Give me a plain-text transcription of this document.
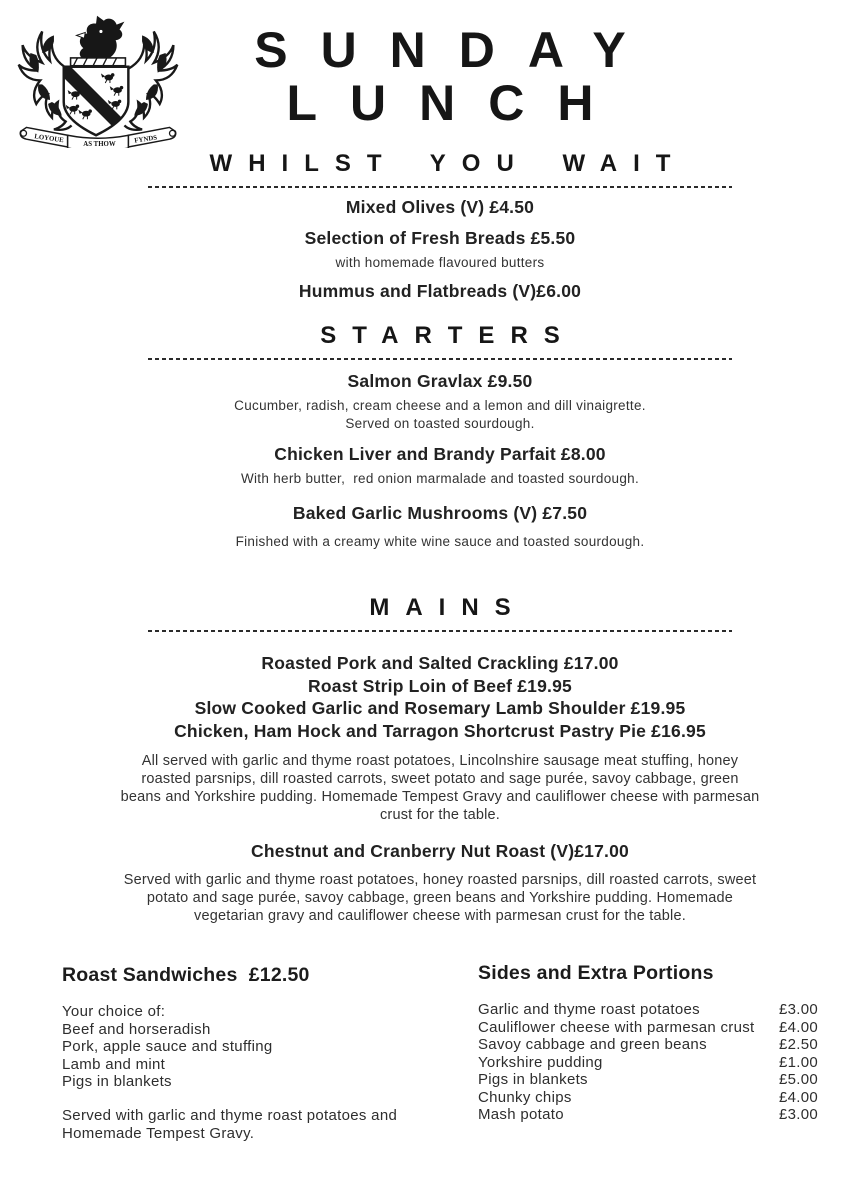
LOYOUE
AS THOW	FYNDS
SUNDAY
LUNCH
WHILST YOU WAIT
Mixed Olives (V) £4.50
Selection of Fresh Breads £5.50
with homemade flavoured butters
Hummus and Flatbreads (V)£6.00
STARTERS
Salmon Gravlax £9.50
Cucumber, radish, cream cheese and a lemon and dill vinaigrette. Served on toasted sourdough.
Chicken Liver and Brandy Parfait £8.00
With herb butter,  red onion marmalade and toasted sourdough.
Baked Garlic Mushrooms (V) £7.50
Finished with a creamy white wine sauce and toasted sourdough.
MAINS
Roasted Pork and Salted Crackling £17.00
Roast Strip Loin of Beef £19.95
Slow Cooked Garlic and Rosemary Lamb Shoulder £19.95
Chicken, Ham Hock and Tarragon Shortcrust Pastry Pie £16.95

All served with garlic and thyme roast potatoes, Lincolnshire sausage meat stuffing, honey roasted parsnips, dill roasted carrots, sweet potato and sage purée, savoy cabbage, green beans and Yorkshire pudding. Homemade Tempest Gravy and cauliflower cheese with parmesan crust for the table.

Chestnut and Cranberry Nut Roast (V)£17.00

Served with garlic and thyme roast potatoes, honey roasted parsnips, dill roasted carrots, sweet potato and sage purée, savoy cabbage, green beans and Yorkshire pudding. Homemade vegetarian gravy and cauliflower cheese with parmesan crust for the table.

Roast Sandwiches  £12.50
Your choice of:
Beef and horseradish
Pork, apple sauce and stuffing
Lamb and mint
Pigs in blankets
Served with garlic and thyme roast potatoes and Homemade Tempest Gravy.
Sides and Extra Portions
Garlic and thyme roast potatoes	£3.00
Cauliflower cheese with parmesan crust £4.00
Savoy cabbage and green beans	£2.50
Yorkshire pudding	£1.00
Pigs in blankets	£5.00
Chunky chips	£4.00
Mash potato	£3.00
